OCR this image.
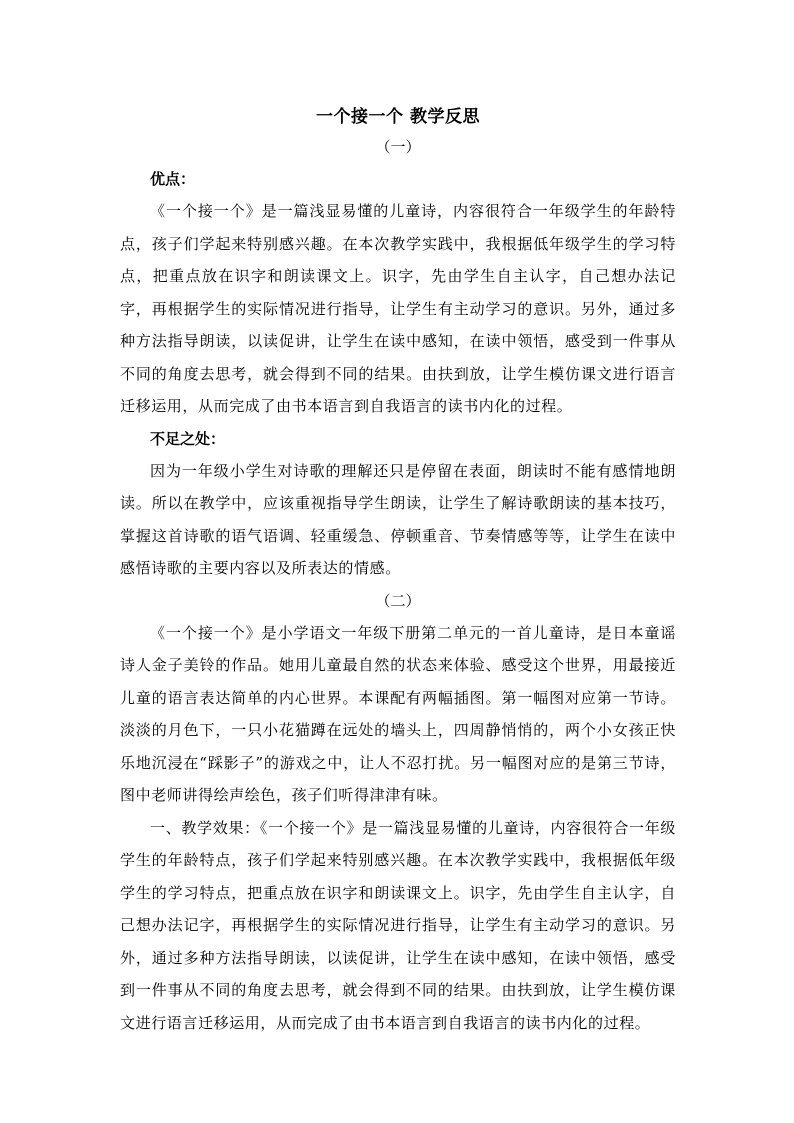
一个接一个 教学反思

（一）

优点：

《一个接一个》是一篇浅显易懂的儿童诗，内容很符合一年级学生的年龄特点，孩子们学起来特别感兴趣。在本次教学实践中，我根据低年级学生的学习特点，把重点放在识字和朗读课文上。识字，先由学生自主认字，自己想办法记字，再根据学生的实际情况进行指导，让学生有主动学习的意识。另外，通过多种方法指导朗读，以读促讲，让学生在读中感知，在读中领悟，感受到一件事从不同的角度去思考，就会得到不同的结果。由扶到放，让学生模仿课文进行语言迁移运用，从而完成了由书本语言到自我语言的读书内化的过程。

不足之处：

因为一年级小学生对诗歌的理解还只是停留在表面，朗读时不能有感情地朗读。所以在教学中，应该重视指导学生朗读，让学生了解诗歌朗读的基本技巧，掌握这首诗歌的语气语调、轻重缓急、停顿重音、节奏情感等等，让学生在读中感悟诗歌的主要内容以及所表达的情感。

（二）

《一个接一个》是小学语文一年级下册第二单元的一首儿童诗，是日本童谣诗人金子美铃的作品。她用儿童最自然的状态来体验、感受这个世界，用最接近儿童的语言表达简单的内心世界。本课配有两幅插图。第一幅图对应第一节诗。淡淡的月色下，一只小花猫蹲在远处的墙头上，四周静悄悄的，两个小女孩正快乐地沉浸在“踩影子”的游戏之中，让人不忍打扰。另一幅图对应的是第三节诗，图中老师讲得绘声绘色，孩子们听得津津有味。

一、教学效果：《一个接一个》是一篇浅显易懂的儿童诗，内容很符合一年级学生的年龄特点，孩子们学起来特别感兴趣。在本次教学实践中，我根据低年级学生的学习特点，把重点放在识字和朗读课文上。识字，先由学生自主认字，自己想办法记字，再根据学生的实际情况进行指导，让学生有主动学习的意识。另外，通过多种方法指导朗读，以读促讲，让学生在读中感知，在读中领悟，感受到一件事从不同的角度去思考，就会得到不同的结果。由扶到放，让学生模仿课文进行语言迁移运用，从而完成了由书本语言到自我语言的读书内化的过程。
